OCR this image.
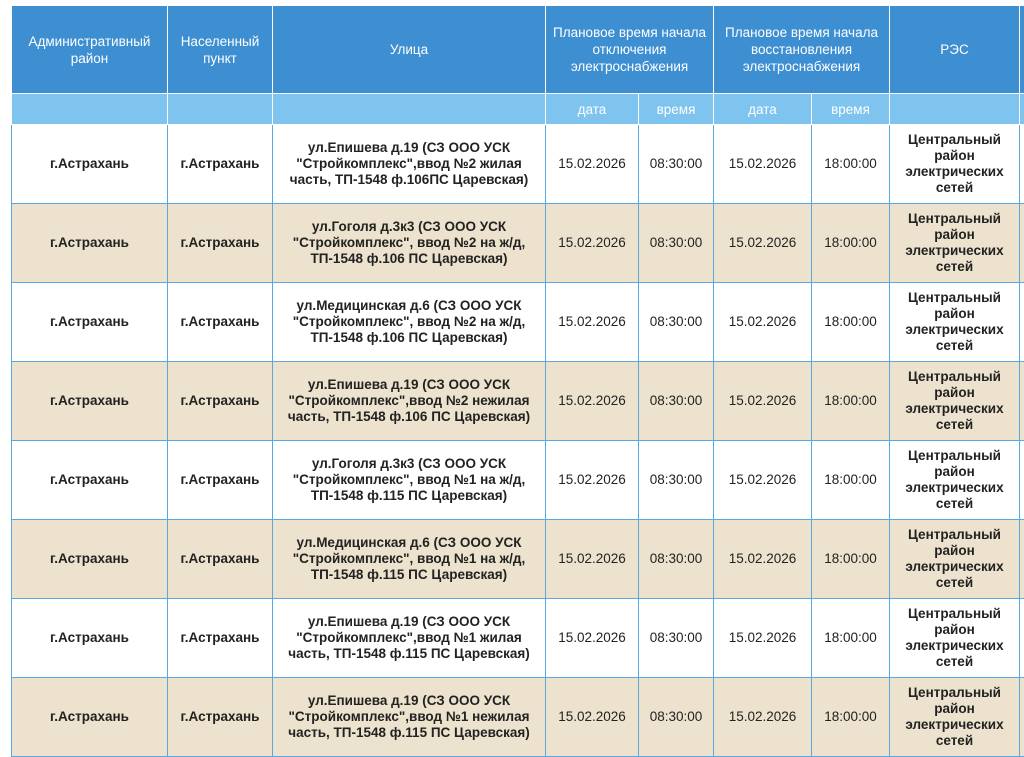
Административный район	Населенный пункт	Улица	Плановое время начала отключения электроснабжения		Плановое время начала восстановления электроснабжения		РЭС	
			дата	время	дата	время		
г.Астрахань	г.Астрахань	ул.Епишева д.19 (СЗ ООО УСК "Стройкомплекс",ввод №2 жилая часть, ТП-1548 ф.106ПС Царевская)	15.02.2026	08:30:00	15.02.2026	18:00:00	Центральный район электрических сетей	
г.Астрахань	г.Астрахань	ул.Гоголя д.3к3 (СЗ ООО УСК "Стройкомплекс", ввод №2 на ж/д, ТП-1548 ф.106 ПС Царевская)	15.02.2026	08:30:00	15.02.2026	18:00:00	Центральный район электрических сетей	
г.Астрахань	г.Астрахань	ул.Медицинская д.6 (СЗ ООО УСК "Стройкомплекс", ввод №2 на ж/д, ТП-1548 ф.106 ПС Царевская)	15.02.2026	08:30:00	15.02.2026	18:00:00	Центральный район электрических сетей	
г.Астрахань	г.Астрахань	ул.Епишева д.19 (СЗ ООО УСК "Стройкомплекс",ввод №2 нежилая часть, ТП-1548 ф.106 ПС Царевская)	15.02.2026	08:30:00	15.02.2026	18:00:00	Центральный район электрических сетей	
г.Астрахань	г.Астрахань	ул.Гоголя д.3к3 (СЗ ООО УСК "Стройкомплекс", ввод №1 на ж/д, ТП-1548 ф.115 ПС Царевская)	15.02.2026	08:30:00	15.02.2026	18:00:00	Центральный район электрических сетей	
г.Астрахань	г.Астрахань	ул.Медицинская д.6 (СЗ ООО УСК "Стройкомплекс", ввод №1 на ж/д, ТП-1548 ф.115 ПС Царевская)	15.02.2026	08:30:00	15.02.2026	18:00:00	Центральный район электрических сетей	
г.Астрахань	г.Астрахань	ул.Епишева д.19 (СЗ ООО УСК "Стройкомплекс",ввод №1 жилая часть, ТП-1548 ф.115 ПС Царевская)	15.02.2026	08:30:00	15.02.2026	18:00:00	Центральный район электрических сетей	
г.Астрахань	г.Астрахань	ул.Епишева д.19 (СЗ ООО УСК "Стройкомплекс",ввод №1 нежилая часть, ТП-1548 ф.115 ПС Царевская)	15.02.2026	08:30:00	15.02.2026	18:00:00	Центральный район электрических сетей	
